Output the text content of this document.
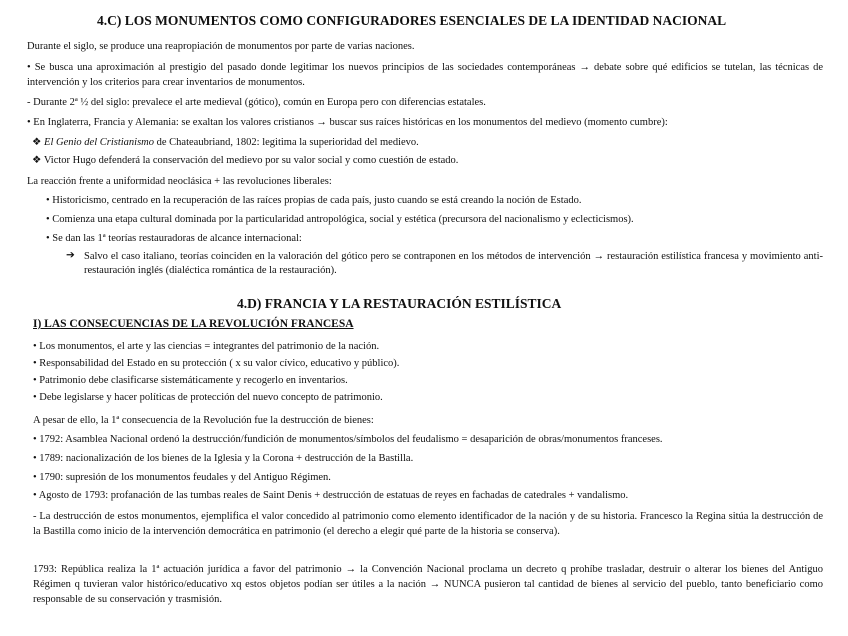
4.C) LOS MONUMENTOS COMO CONFIGURADORES ESENCIALES DE LA IDENTIDAD NACIONAL
Durante el siglo, se produce una reapropiación de monumentos por parte de varias naciones.
• Se busca una aproximación al prestigio del pasado donde legitimar los nuevos principios de las sociedades contemporáneas → debate sobre qué edificios se tutelan, las técnicas de intervención y los criterios para crear inventarios de monumentos.
- Durante 2ª ½ del siglo: prevalece el arte medieval (gótico), común en Europa pero con diferencias estatales.
• En Inglaterra, Francia y Alemania: se exaltan los valores cristianos → buscar sus raíces históricas en los monumentos del medievo (momento cumbre):
❖ El Genio del Cristianismo de Chateaubriand, 1802: legitima la superioridad del medievo.
❖ Victor Hugo defenderá la conservación del medievo por su valor social y como cuestión de estado.
La reacción frente a uniformidad neoclásica + las revoluciones liberales:
• Historicismo, centrado en la recuperación de las raíces propias de cada país, justo cuando se está creando la noción de Estado.
• Comienza una etapa cultural dominada por la particularidad antropológica, social y estética (precursora del nacionalismo y eclecticismos).
• Se dan las 1ª teorías restauradoras de alcance internacional:
➔ Salvo el caso italiano, teorías coinciden en la valoración del gótico pero se contraponen en los métodos de intervención → restauración estilística francesa y movimiento anti-restauración inglés (dialéctica romántica de la restauración).
4.D) FRANCIA Y LA RESTAURACIÓN ESTILÍSTICA
I) LAS CONSECUENCIAS DE LA REVOLUCIÓN FRANCESA
• Los monumentos, el arte y las ciencias = integrantes del patrimonio de la nación.
• Responsabilidad del Estado en su protección ( x su valor cívico, educativo y público).
• Patrimonio debe clasificarse sistemáticamente y recogerlo en inventarios.
• Debe legislarse y hacer políticas de protección del nuevo concepto de patrimonio.
A pesar de ello, la 1ª consecuencia de la Revolución fue la destrucción de bienes:
• 1792: Asamblea Nacional ordenó la destrucción/fundición de monumentos/símbolos del feudalismo = desaparición de obras/monumentos franceses.
• 1789: nacionalización de los bienes de la Iglesia y la Corona + destrucción de la Bastilla.
• 1790: supresión de los monumentos feudales y del Antiguo Régimen.
• Agosto de 1793: profanación de las tumbas reales de Saint Denis + destrucción de estatuas de reyes en fachadas de catedrales + vandalismo.
- La destrucción de estos monumentos, ejemplifica el valor concedido al patrimonio como elemento identificador de la nación y de su historia. Francesco la Regina sitúa la destrucción de la Bastilla como inicio de la intervención democrática en patrimonio (el derecho a elegir qué parte de la historia se conserva).
1793: República realiza la 1ª actuación jurídica a favor del patrimonio → la Convención Nacional proclama un decreto q prohíbe trasladar, destruir o alterar los bienes del Antiguo Régimen q tuvieran valor histórico/educativo xq estos objetos podían ser útiles a la nación → NUNCA pusieron tal cantidad de bienes al servicio del pueblo, tanto beneficiario como responsable de su conservación y trasmisión.
